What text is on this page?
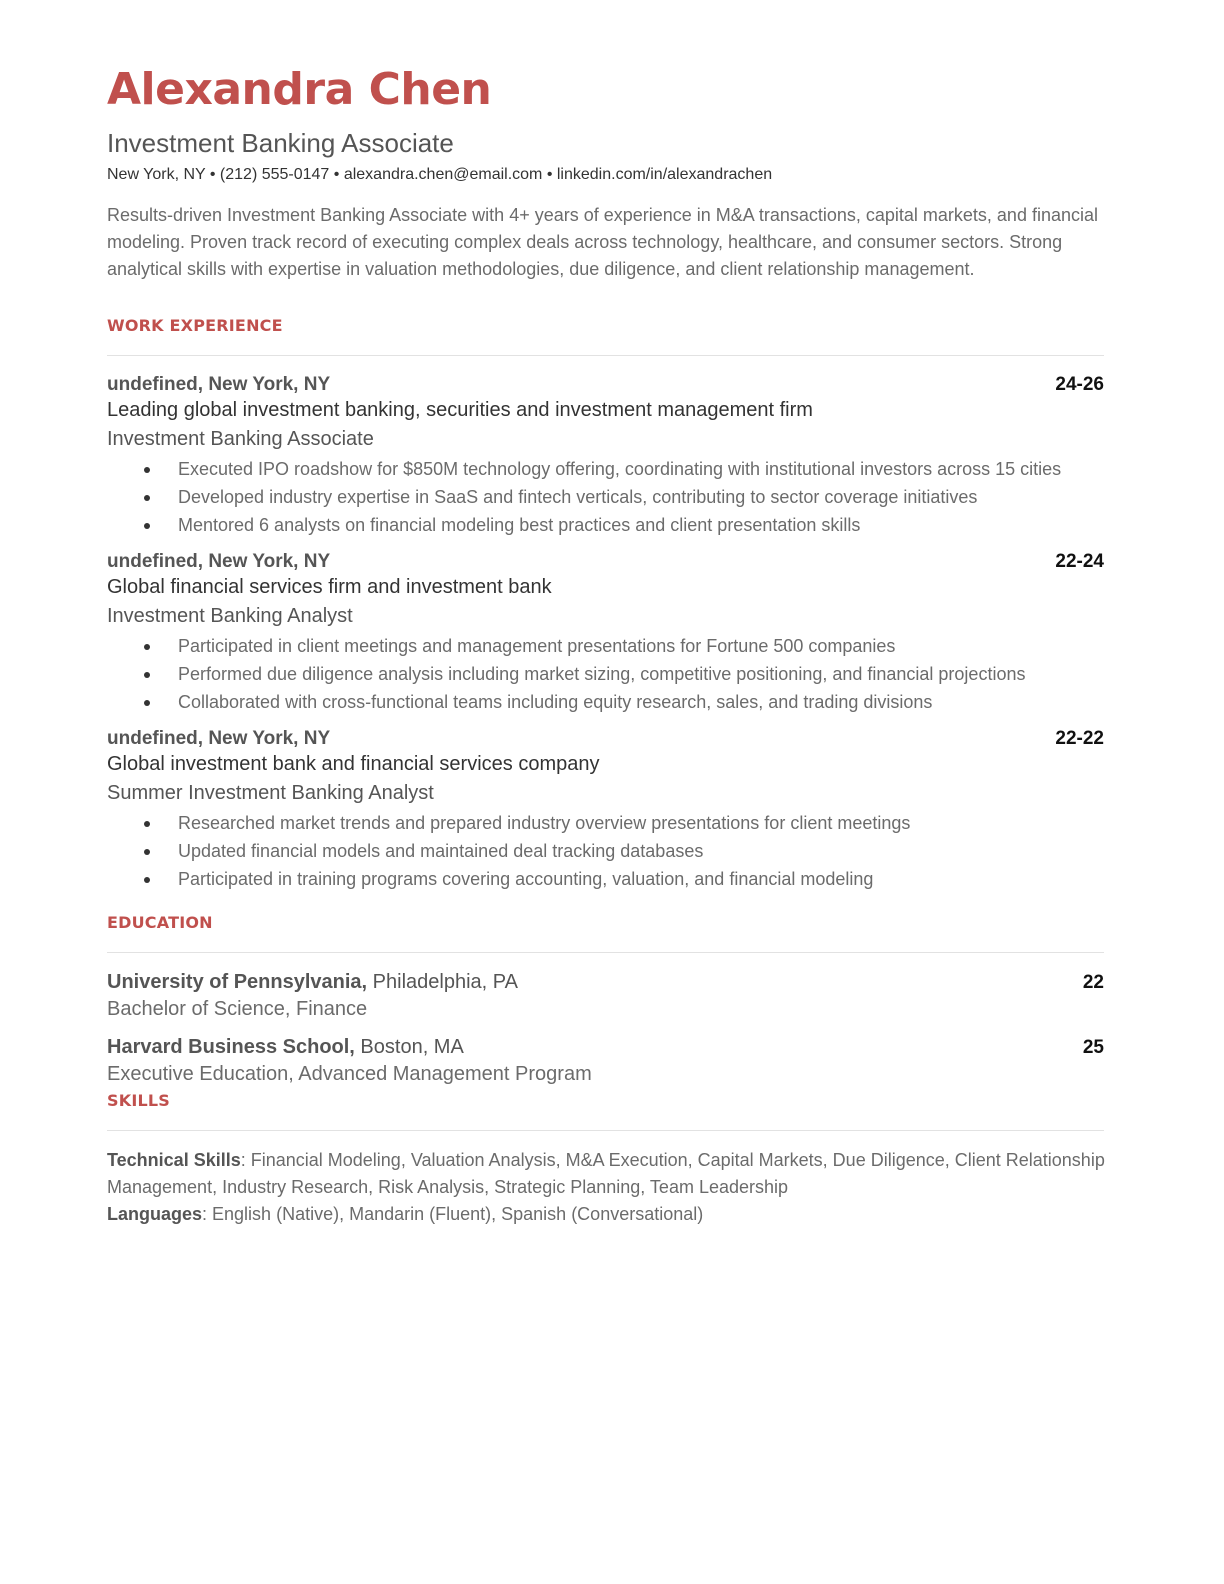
Alexandra Chen
Investment Banking Associate
New York, NY • (212) 555-0147 • alexandra.chen@email.com • linkedin.com/in/alexandrachen
Results-driven Investment Banking Associate with 4+ years of experience in M&A transactions, capital markets, and financial modeling. Proven track record of executing complex deals across technology, healthcare, and consumer sectors. Strong analytical skills with expertise in valuation methodologies, due diligence, and client relationship management.
WORK EXPERIENCE
undefined, New York, NY	24-26
Leading global investment banking, securities and investment management firm
Investment Banking Associate
Executed IPO roadshow for $850M technology offering, coordinating with institutional investors across 15 cities
Developed industry expertise in SaaS and fintech verticals, contributing to sector coverage initiatives
Mentored 6 analysts on financial modeling best practices and client presentation skills
undefined, New York, NY	22-24
Global financial services firm and investment bank
Investment Banking Analyst
Participated in client meetings and management presentations for Fortune 500 companies
Performed due diligence analysis including market sizing, competitive positioning, and financial projections
Collaborated with cross-functional teams including equity research, sales, and trading divisions
undefined, New York, NY	22-22
Global investment bank and financial services company
Summer Investment Banking Analyst
Researched market trends and prepared industry overview presentations for client meetings
Updated financial models and maintained deal tracking databases
Participated in training programs covering accounting, valuation, and financial modeling
EDUCATION
University of Pennsylvania, Philadelphia, PA	22
Bachelor of Science, Finance
Harvard Business School, Boston, MA	25
Executive Education, Advanced Management Program
SKILLS
Technical Skills: Financial Modeling, Valuation Analysis, M&A Execution, Capital Markets, Due Diligence, Client Relationship Management, Industry Research, Risk Analysis, Strategic Planning, Team Leadership
Languages: English (Native), Mandarin (Fluent), Spanish (Conversational)
